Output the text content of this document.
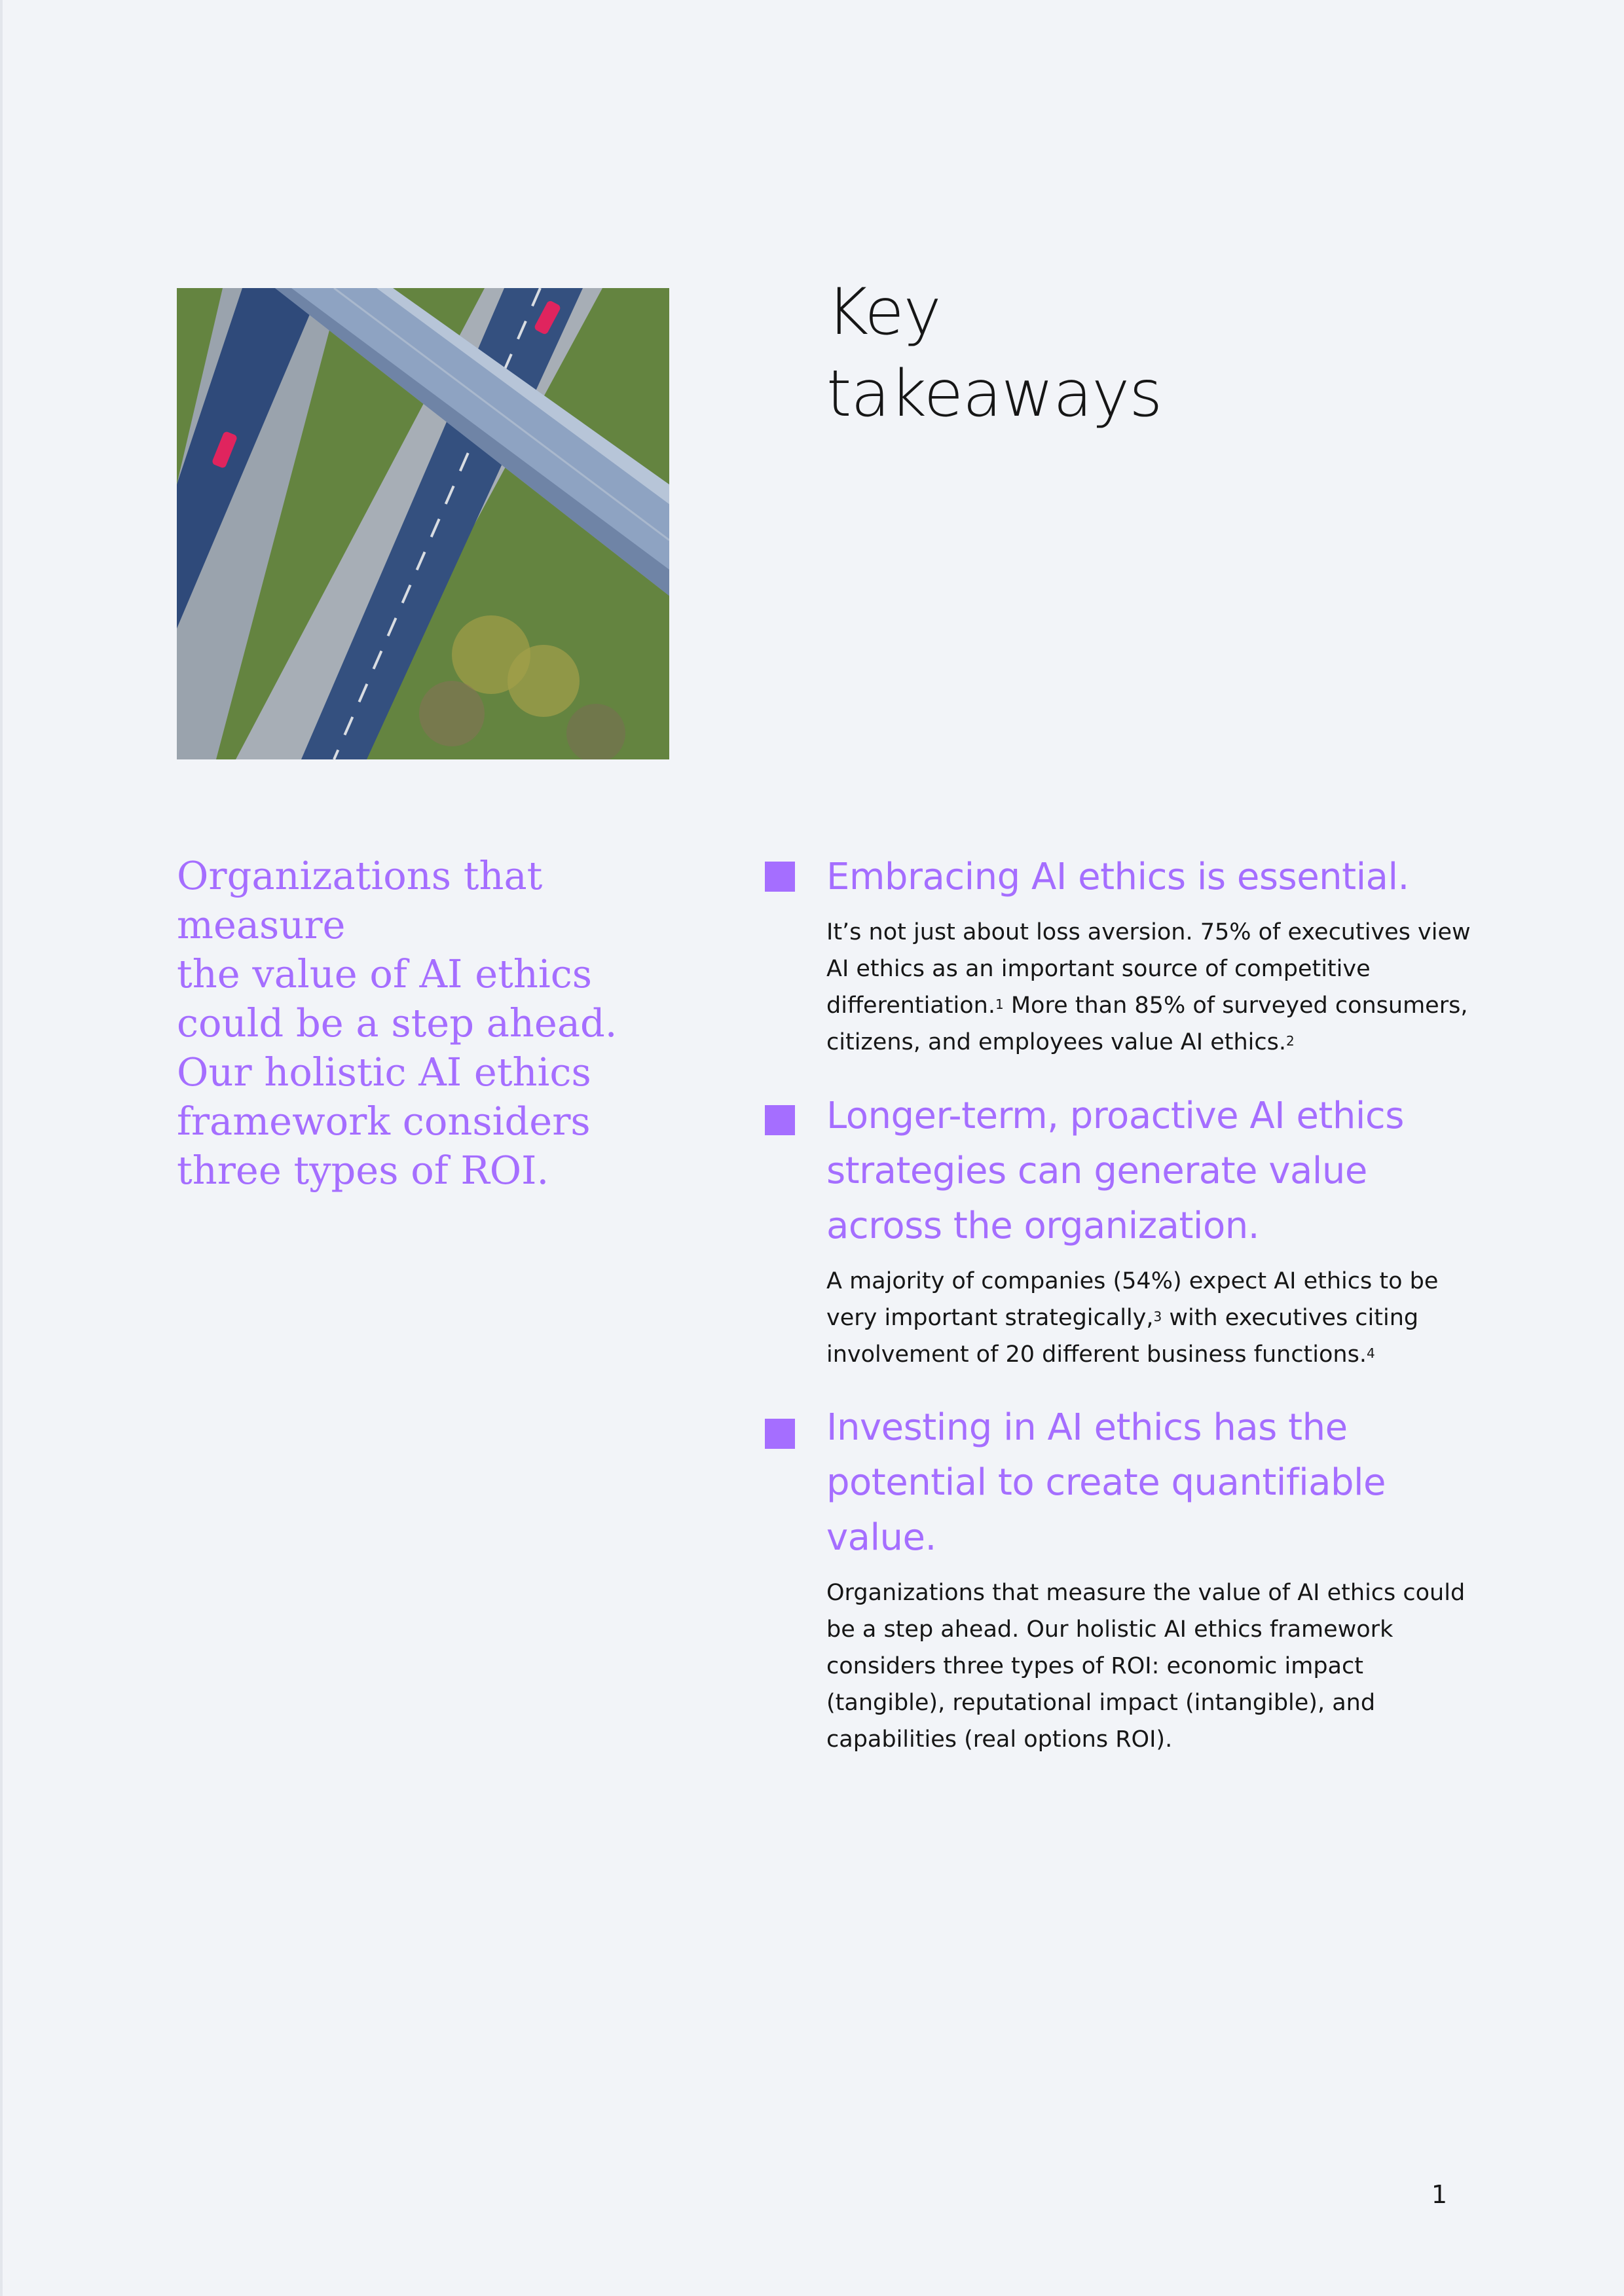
Key
takeaways

Organizations that measure
the value of AI ethics
could be a step ahead.
Our holistic AI ethics
framework considers
three types of ROI.

Embracing AI ethics is essential.

It’s not just about loss aversion. 75% of executives view AI ethics as an important source of competitive differentiation.$^1$ More than 85% of surveyed consumers, citizens, and employees value AI ethics.$^2$

Longer-term, proactive AI ethics strategies can generate value across the organization.

A majority of companies (54%) expect AI ethics to be very important strategically,$^3$ with executives citing involvement of 20 different business functions.$^4$

Investing in AI ethics has the potential to create quantifiable value.

Organizations that measure the value of AI ethics could be a step ahead. Our holistic AI ethics framework considers three types of ROI: economic impact (tangible), reputational impact (intangible), and capabilities (real options ROI).

1
